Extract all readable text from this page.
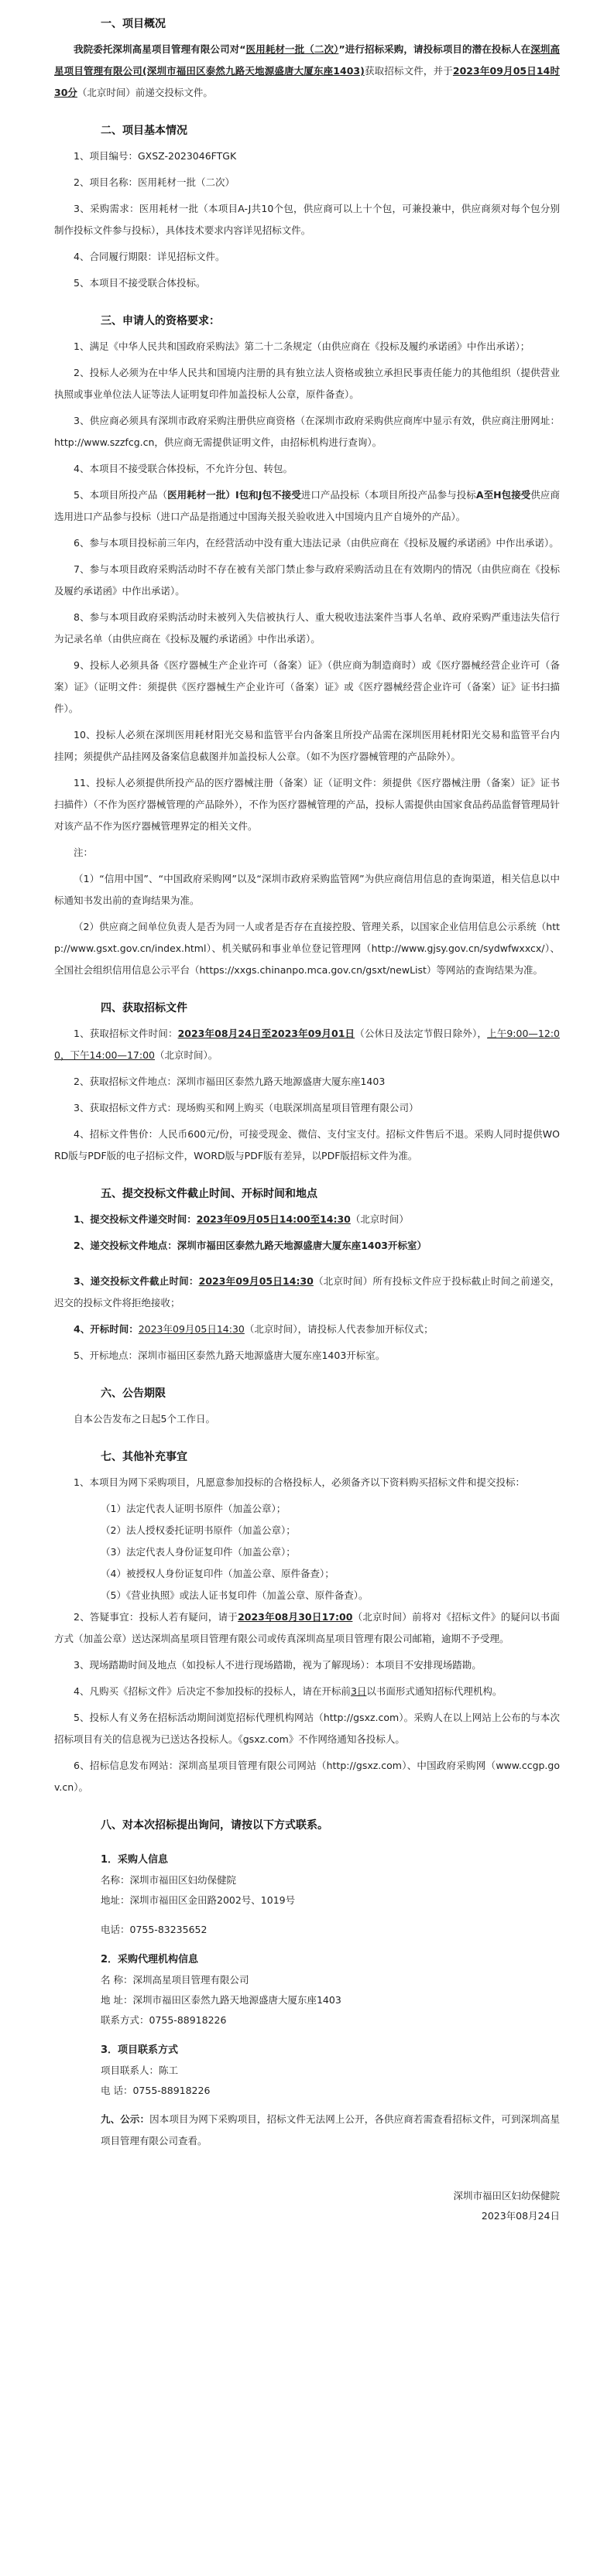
一、项目概况

我院委托深圳高星项目管理有限公司对“医用耗材一批（二次）”进行招标采购，请投标项目的潜在投标人在深圳高星项目管理有限公司(深圳市福田区泰然九路天地源盛唐大厦东座1403)获取招标文件，并于2023年09月05日14时30分（北京时间）前递交投标文件。

二、项目基本情况

1、项目编号：GXSZ-2023046FTGK

2、项目名称：医用耗材一批（二次）

3、采购需求：医用耗材一批（本项目A-J共10个包，供应商可以上十个包，可兼投兼中，供应商须对每个包分别制作投标文件参与投标），具体技术要求内容详见招标文件。

4、合同履行期限：详见招标文件。

5、本项目不接受联合体投标。

三、申请人的资格要求：

1、满足《中华人民共和国政府采购法》第二十二条规定（由供应商在《投标及履约承诺函》中作出承诺）；

2、投标人必须为在中华人民共和国境内注册的具有独立法人资格或独立承担民事责任能力的其他组织（提供营业执照或事业单位法人证等法人证明复印件加盖投标人公章，原件备查）。

3、供应商必须具有深圳市政府采购注册供应商资格（在深圳市政府采购供应商库中显示有效，供应商注册网址：http://www.szzfcg.cn，供应商无需提供证明文件，由招标机构进行查询）。

4、本项目不接受联合体投标，不允许分包、转包。

5、本项目所投产品（医用耗材一批）I包和J包不接受进口产品投标（本项目所投产品参与投标A至H包接受供应商选用进口产品参与投标（进口产品是指通过中国海关报关验收进入中国境内且产自境外的产品）。

6、参与本项目投标前三年内，在经营活动中没有重大违法记录（由供应商在《投标及履约承诺函》中作出承诺）。

7、参与本项目政府采购活动时不存在被有关部门禁止参与政府采购活动且在有效期内的情况（由供应商在《投标及履约承诺函》中作出承诺）。

8、参与本项目政府采购活动时未被列入失信被执行人、重大税收违法案件当事人名单、政府采购严重违法失信行为记录名单（由供应商在《投标及履约承诺函》中作出承诺）。

9、投标人必须具备《医疗器械生产企业许可（备案）证》（供应商为制造商时）或《医疗器械经营企业许可（备案）证》（证明文件：须提供《医疗器械生产企业许可（备案）证》或《医疗器械经营企业许可（备案）证》证书扫描件）。

10、投标人必须在深圳医用耗材阳光交易和监管平台内备案且所投产品需在深圳医用耗材阳光交易和监管平台内挂网；须提供产品挂网及备案信息截图并加盖投标人公章。（如不为医疗器械管理的产品除外）。

11、投标人必须提供所投产品的医疗器械注册（备案）证（证明文件：须提供《医疗器械注册（备案）证》证书扫描件）（不作为医疗器械管理的产品除外），不作为医疗器械管理的产品，投标人需提供由国家食品药品监督管理局针对该产品不作为医疗器械管理界定的相关文件。

注：

（1）“信用中国”、“中国政府采购网”以及“深圳市政府采购监管网”为供应商信用信息的查询渠道，相关信息以中标通知书发出前的查询结果为准。

（2）供应商之间单位负责人是否为同一人或者是否存在直接控股、管理关系，以国家企业信用信息公示系统（http://www.gsxt.gov.cn/index.html）、机关赋码和事业单位登记管理网（http://www.gjsy.gov.cn/sydwfwxxcx/）、全国社会组织信用信息公示平台（https://xxgs.chinanpo.mca.gov.cn/gsxt/newList）等网站的查询结果为准。

四、获取招标文件

1、获取招标文件时间：2023年08月24日至2023年09月01日（公休日及法定节假日除外），上午9:00—12:00，下午14:00—17:00（北京时间）。

2、获取招标文件地点：深圳市福田区泰然九路天地源盛唐大厦东座1403

3、获取招标文件方式：现场购买和网上购买（电联深圳高星项目管理有限公司）

4、招标文件售价：人民币600元/份，可接受现金、微信、支付宝支付。招标文件售后不退。采购人同时提供WORD版与PDF版的电子招标文件，WORD版与PDF版有差异，以PDF版招标文件为准。

五、提交投标文件截止时间、开标时间和地点

1、提交投标文件递交时间：2023年09月05日14:00至14:30（北京时间）

2、递交投标文件地点：深圳市福田区泰然九路天地源盛唐大厦东座1403开标室）

3、递交投标文件截止时间：2023年09月05日14:30（北京时间）所有投标文件应于投标截止时间之前递交，迟交的投标文件将拒绝接收；

4、开标时间：2023年09月05日14:30（北京时间），请投标人代表参加开标仪式；

5、开标地点：深圳市福田区泰然九路天地源盛唐大厦东座1403开标室。

六、公告期限

自本公告发布之日起5个工作日。

七、其他补充事宜

1、本项目为网下采购项目，凡愿意参加投标的合格投标人，必须备齐以下资料购买招标文件和提交投标：

（1）法定代表人证明书原件（加盖公章）；

（2）法人授权委托证明书原件（加盖公章）；

（3）法定代表人身份证复印件（加盖公章）；

（4）被授权人身份证复印件（加盖公章、原件备查）；

（5）《营业执照》或法人证书复印件（加盖公章、原件备查）。

2、答疑事宜：投标人若有疑问，请于2023年08月30日17:00（北京时间）前将对《招标文件》的疑问以书面方式（加盖公章）送达深圳高星项目管理有限公司或传真深圳高星项目管理有限公司邮箱，逾期不予受理。

3、现场踏勘时间及地点（如投标人不进行现场踏勘，视为了解现场）：本项目不安排现场踏勘。

4、凡购买《招标文件》后决定不参加投标的投标人，请在开标前3日以书面形式通知招标代理机构。

5、投标人有义务在招标活动期间浏览招标代理机构网站（http://gsxz.com）。采购人在以上网站上公布的与本次招标项目有关的信息视为已送达各投标人。《gsxz.com》不作网络通知各投标人。

6、招标信息发布网站：深圳高星项目管理有限公司网站（http://gsxz.com）、中国政府采购网（www.ccgp.gov.cn）。

八、对本次招标提出询问，请按以下方式联系。

1．采购人信息

名称：深圳市福田区妇幼保健院

地址：深圳市福田区金田路2002号、1019号

电话：0755-83235652

2．采购代理机构信息

名 称：深圳高星项目管理有限公司

地 址：深圳市福田区泰然九路天地源盛唐大厦东座1403

联系方式：0755-88918226

3．项目联系方式

项目联系人：陈工

电 话：0755-88918226

九、公示：因本项目为网下采购项目，招标文件无法网上公开，各供应商若需查看招标文件，可到深圳高星项目管理有限公司查看。

深圳市福田区妇幼保健院

2023年08月24日
